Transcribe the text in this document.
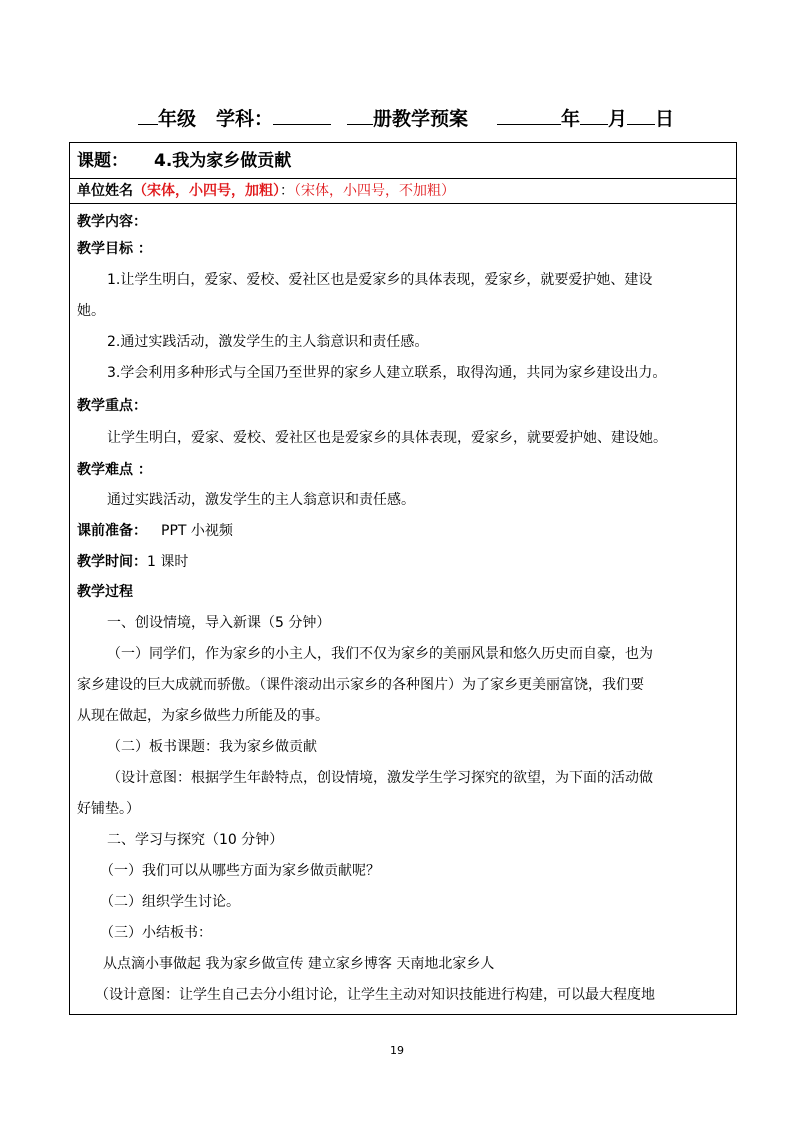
年级 学科：	册教学预案	年 月 日
课题： 4.我为家乡做贡献
单位姓名（宋体，小四号，加粗）：（宋体，小四号，不加粗）
教学内容：
教学目标 ：
1.让学生明白，爱家、爱校、爱社区也是爱家乡的具体表现，爱家乡，就要爱护她、建设
她。
2.通过实践活动，激发学生的主人翁意识和责任感。
3.学会利用多种形式与全国乃至世界的家乡人建立联系，取得沟通，共同为家乡建设出力。
教学重点：
让学生明白，爱家、爱校、爱社区也是爱家乡的具体表现，爱家乡，就要爱护她、建设她。
教学难点 ：
通过实践活动，激发学生的主人翁意识和责任感。
课前准备： PPT 小视频
教学时间：1 课时
教学过程
一、创设情境，导入新课（5 分钟）
（一）同学们，作为家乡的小主人，我们不仅为家乡的美丽风景和悠久历史而自豪，也为
家乡建设的巨大成就而骄傲。（课件滚动出示家乡的各种图片）为了家乡更美丽富饶，我们要
从现在做起，为家乡做些力所能及的事。
（二）板书课题：我为家乡做贡献
（设计意图：根据学生年龄特点，创设情境，激发学生学习探究的欲望，为下面的活动做
好铺垫。）
二、学习与探究（10 分钟）
（一）我们可以从哪些方面为家乡做贡献呢？
（二）组织学生讨论。
（三）小结板书：
从点滴小事做起 我为家乡做宣传 建立家乡博客 天南地北家乡人
（设计意图：让学生自己去分小组讨论，让学生主动对知识技能进行构建，可以最大程度地
19
